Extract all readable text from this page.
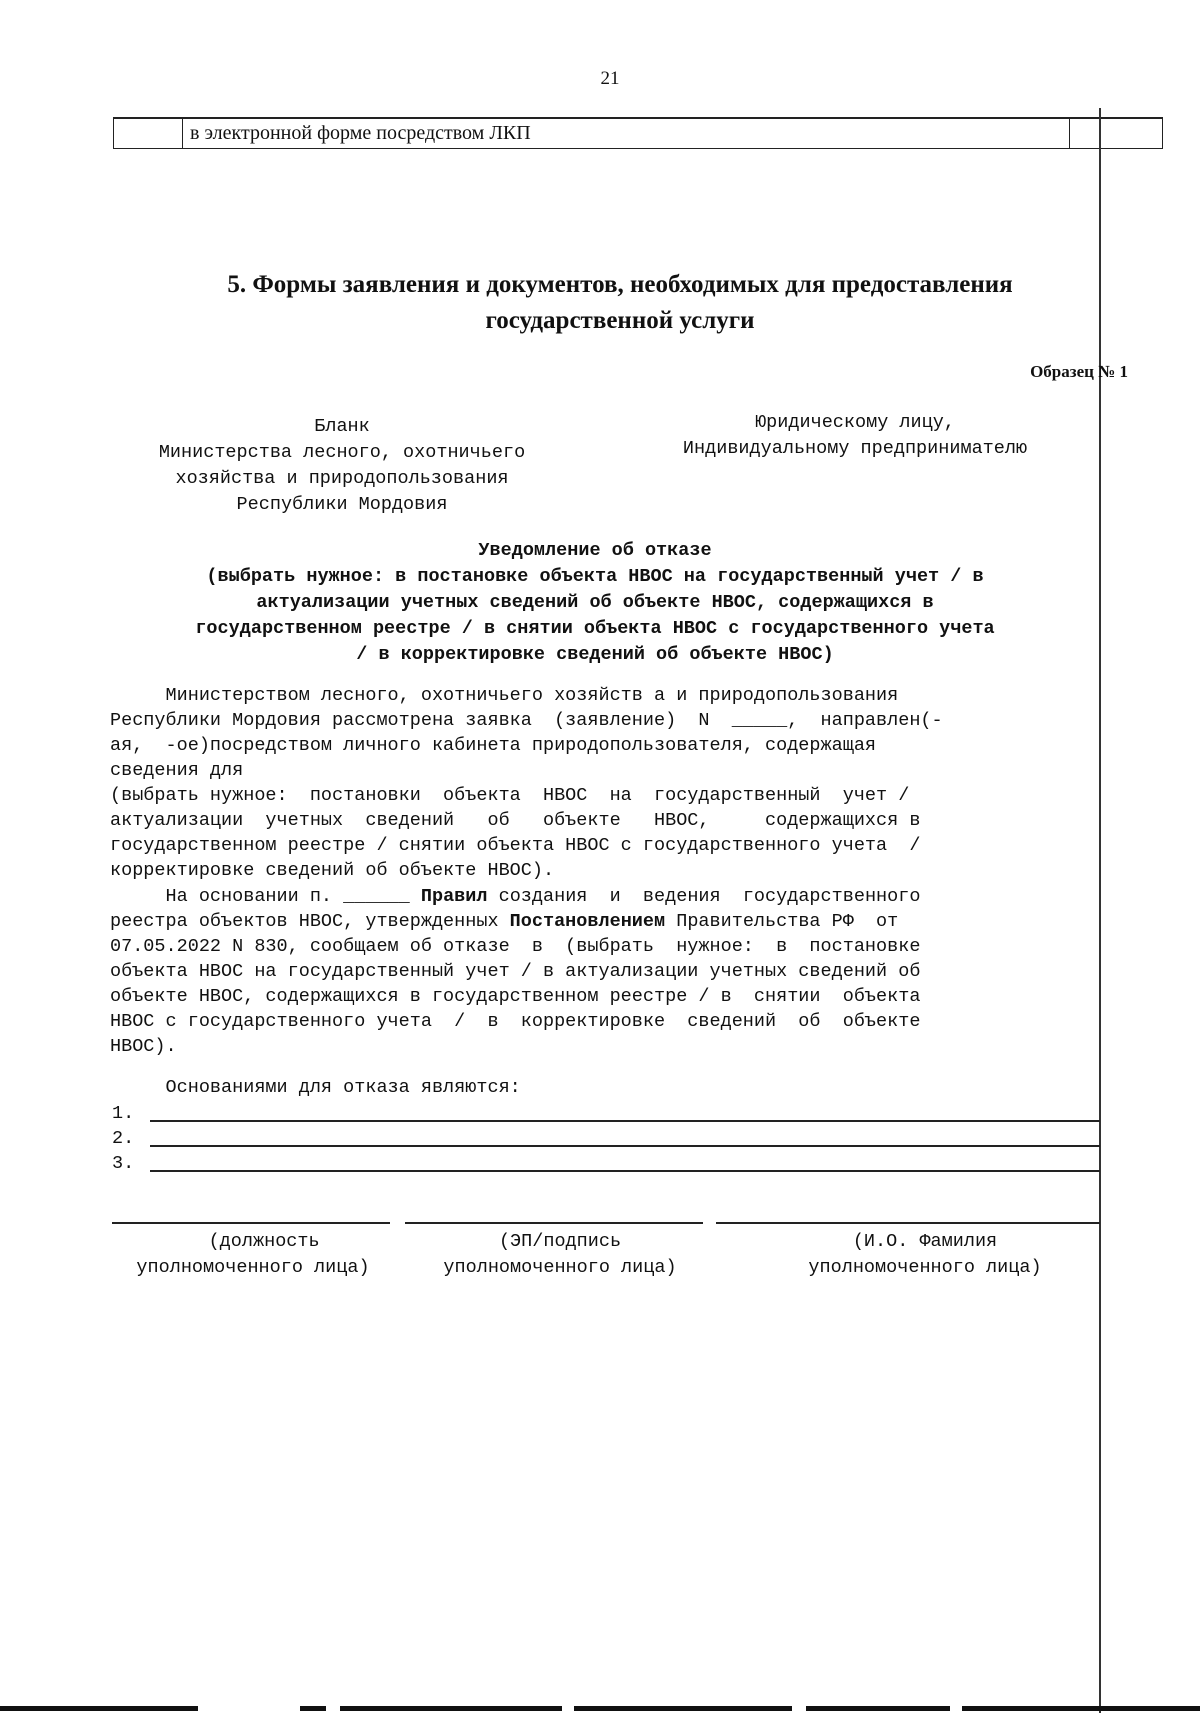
21
в электронной форме посредством ЛКП
5. Формы заявления и документов, необходимых для предоставления
государственной услуги
Образец № 1
Бланк
Министерства лесного, охотничьего
хозяйства и природопользования
Республики Мордовия
Юридическому лицу,
Индивидуальному предпринимателю
Уведомление об отказе
(выбрать нужное: в постановке объекта НВОС на государственный учет / в
актуализации учетных сведений об объекте НВОС, содержащихся в
государственном реестре / в снятии объекта НВОС с государственного учета
/ в корректировке сведений об объекте НВОС)
Министерством лесного, охотничьего хозяйств а и природопользования
Республики Мордовия рассмотрена заявка  (заявление)  N  _____,  направлен(-
ая,  -ое)посредством личного кабинета природопользователя, содержащая
сведения для
(выбрать нужное:  постановки  объекта  НВОС  на  государственный  учет /
актуализации  учетных  сведений   об   объекте   НВОС,     содержащихся в
государственном реестре / снятии объекта НВОС с государственного учета  /
корректировке сведений об объекте НВОС).
На основании п. ______ Правил создания  и  ведения  государственного
реестра объектов НВОС, утвержденных Постановлением Правительства РФ  от
07.05.2022 N 830, сообщаем об отказе  в  (выбрать  нужное:  в  постановке
объекта НВОС на государственный учет / в актуализации учетных сведений об
объекте НВОС, содержащихся в государственном реестре / в  снятии  объекта
НВОС с государственного учета  /  в  корректировке  сведений  об  объекте
НВОС).
Основаниями для отказа являются:
1.
2.
3.
(должность
уполномоченного лица)
(ЭП/подпись
уполномоченного лица)
(И.О. Фамилия
уполномоченного лица)
